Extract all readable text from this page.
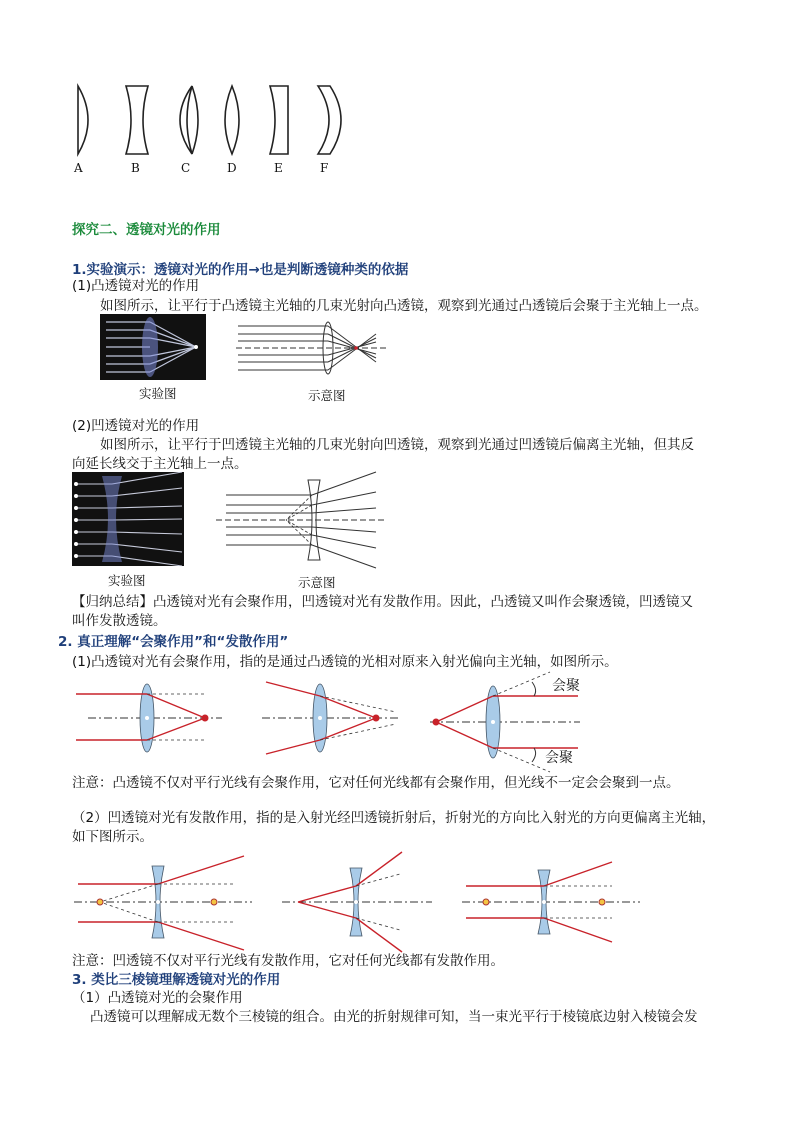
A	B	C	D	E	F
探究二、透镜对光的作用
1.实验演示：透镜对光的作用→也是判断透镜种类的依据
(1)凸透镜对光的作用
如图所示，让平行于凸透镜主光轴的几束光射向凸透镜，观察到光通过凸透镜后会聚于主光轴上一点。
实验图	示意图
(2)凹透镜对光的作用
如图所示，让平行于凹透镜主光轴的几束光射向凹透镜，观察到光通过凹透镜后偏离主光轴，但其反
向延长线交于主光轴上一点。
实验图	示意图
【归纳总结】凸透镜对光有会聚作用，凹透镜对光有发散作用。因此，凸透镜又叫作会聚透镜，凹透镜又
叫作发散透镜。
2. 真正理解“会聚作用”和“发散作用”
(1)凸透镜对光有会聚作用，指的是通过凸透镜的光相对原来入射光偏向主光轴，如图所示。
会聚
会聚
注意：凸透镜不仅对平行光线有会聚作用，它对任何光线都有会聚作用，但光线不一定会会聚到一点。
（2）凹透镜对光有发散作用，指的是入射光经凹透镜折射后，折射光的方向比入射光的方向更偏离主光轴，
如下图所示。
注意：凹透镜不仅对平行光线有发散作用，它对任何光线都有发散作用。
3. 类比三棱镜理解透镜对光的作用
（1）凸透镜对光的会聚作用
凸透镜可以理解成无数个三棱镜的组合。由光的折射规律可知，当一束光平行于棱镜底边射入棱镜会发
